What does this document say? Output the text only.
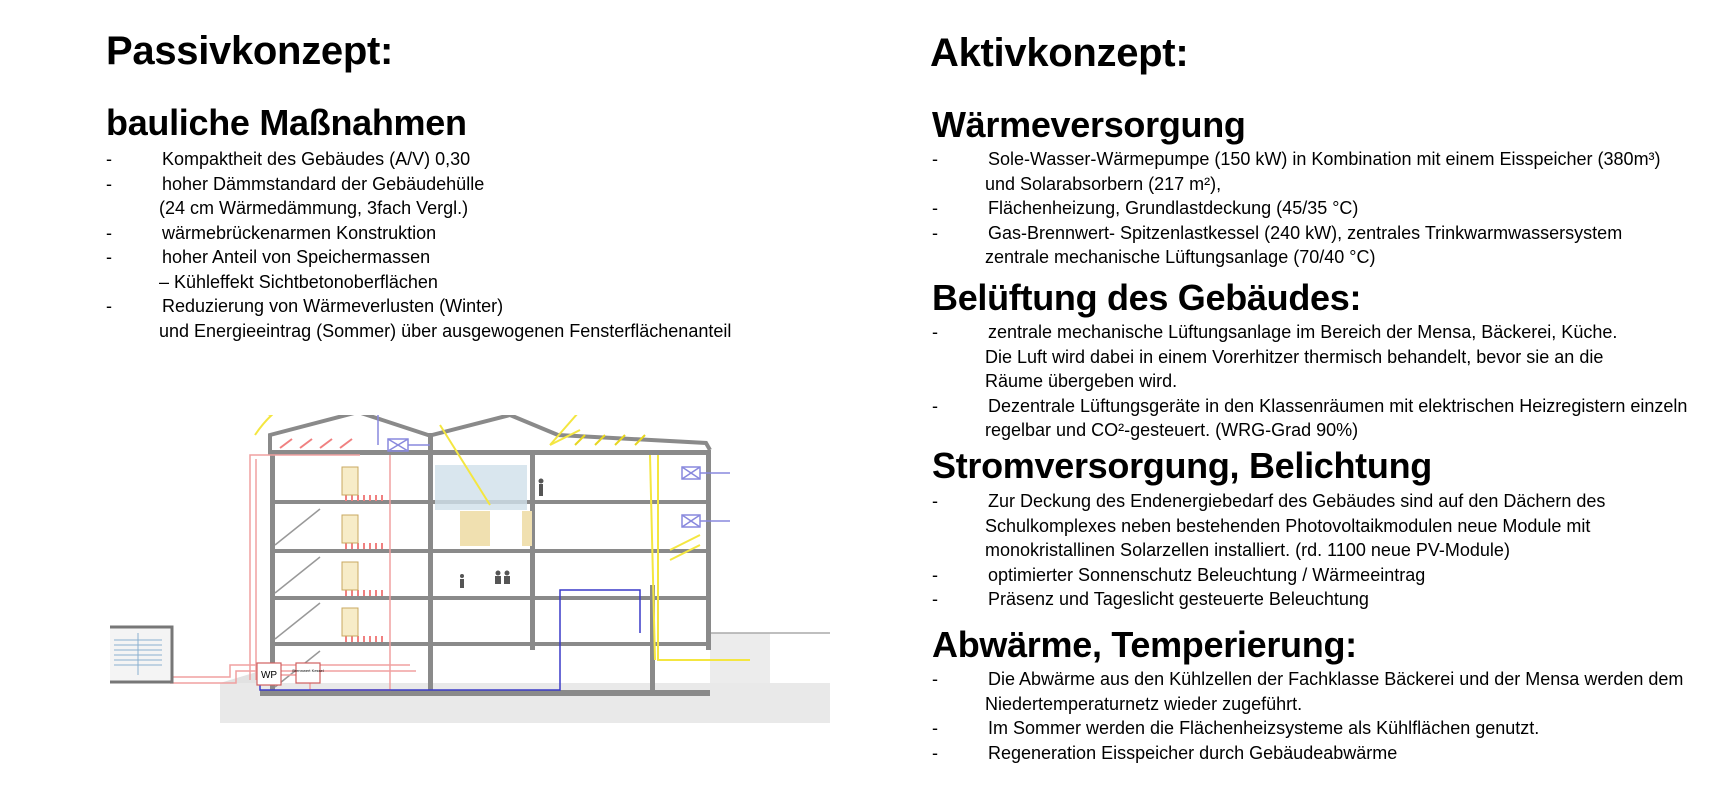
Passivkonzept:
bauliche Maßnahmen
-	Kompaktheit des Gebäudes (A/V) 0,30
-	hoher Dämmstandard der Gebäudehülle
(24 cm Wärmedämmung, 3fach Vergl.)
-	wärmebrückenarmen Konstruktion
-	hoher Anteil von Speichermassen
– Kühleffekt Sichtbetonoberflächen
-	Reduzierung von Wärmeverlusten (Winter)
und Energieeintrag (Sommer) über ausgewogenen Fensterflächenanteil
WP	Brennwert Kessel
Aktivkonzept:
Wärmeversorgung
-	Sole-Wasser-Wärmepumpe (150 kW) in Kombination mit einem Eisspeicher (380m³)
und Solarabsorbern (217 m²),
-	Flächenheizung, Grundlastdeckung (45/35 °C)
-	Gas-Brennwert- Spitzenlastkessel (240 kW), zentrales Trinkwarmwassersystem
zentrale mechanische Lüftungsanlage (70/40 °C)
Belüftung des Gebäudes:
-	zentrale mechanische Lüftungsanlage im Bereich der Mensa, Bäckerei, Küche.
Die Luft wird dabei in einem Vorerhitzer thermisch behandelt, bevor sie an die
Räume übergeben wird.
-	Dezentrale Lüftungsgeräte in den Klassenräumen mit elektrischen Heizregistern einzeln
regelbar und CO²-gesteuert. (WRG-Grad 90%)
Stromversorgung, Belichtung
-	Zur Deckung des Endenergiebedarf des Gebäudes sind auf den Dächern des
Schulkomplexes neben bestehenden Photovoltaikmodulen neue Module mit
monokristallinen Solarzellen installiert. (rd. 1100 neue PV-Module)
-	optimierter Sonnenschutz Beleuchtung / Wärmeeintrag
-	Präsenz und Tageslicht gesteuerte Beleuchtung
Abwärme, Temperierung:
-	Die Abwärme aus den Kühlzellen der Fachklasse Bäckerei und der Mensa werden dem
Niedertemperaturnetz wieder zugeführt.
-	Im Sommer werden die Flächenheizsysteme als Kühlflächen genutzt.
-	Regeneration Eisspeicher durch Gebäudeabwärme
